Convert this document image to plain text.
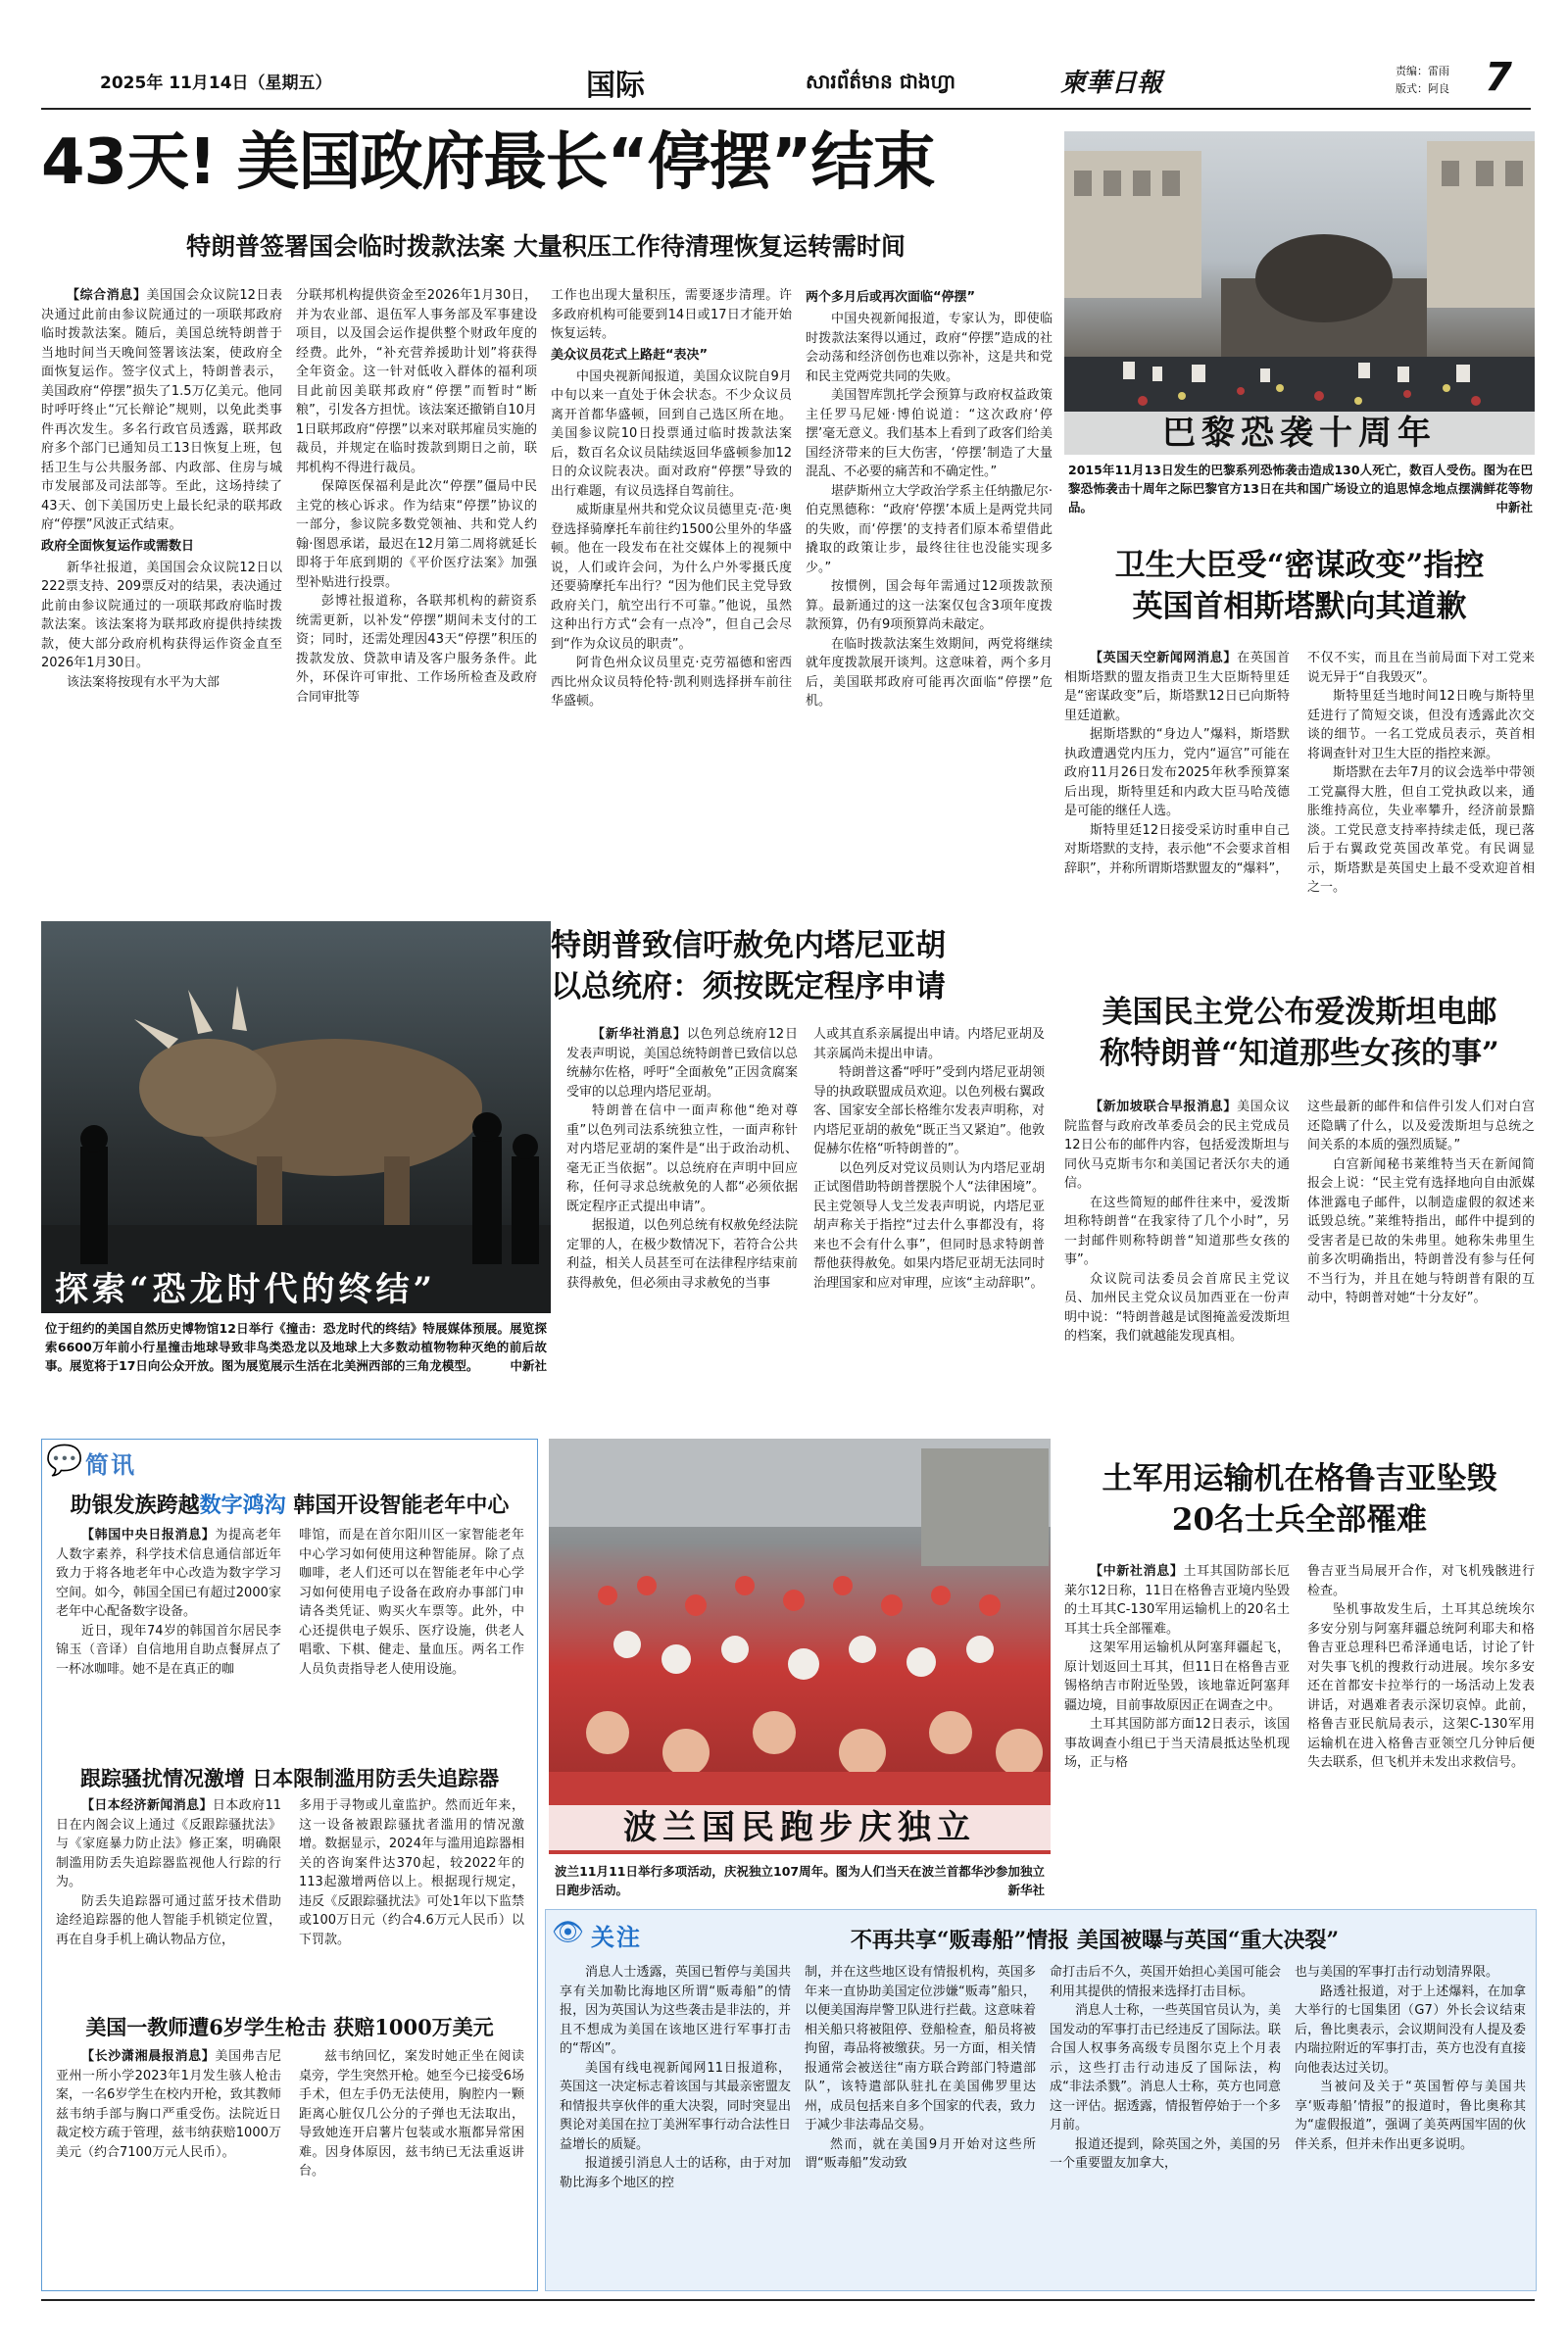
2025年 11月14日（星期五）	国际	សារព័ត៌មាន ជាងហ្វា	柬華日報	责编：雷雨
版式：阿良 7
43天! 美国政府最长“停摆”结束
特朗普签署国会临时拨款法案 大量积压工作待清理恢复运转需时间

【综合消息】美国国会众议院12日表决通过此前由参议院通过的一项联邦政府临时拨款法案。随后，美国总统特朗普于当地时间当天晚间签署该法案，使政府全面恢复运作。签字仪式上，特朗普表示，美国政府“停摆”损失了1.5万亿美元。他同时呼吁终止“冗长辩论”规则，以免此类事件再次发生。多名行政官员透露，联邦政府多个部门已通知员工13日恢复上班，包括卫生与公共服务部、内政部、住房与城市发展部及司法部等。至此，这场持续了43天、创下美国历史上最长纪录的联邦政府“停摆”风波正式结束。

政府全面恢复运作或需数日

新华社报道，美国国会众议院12日以222票支持、209票反对的结果，表决通过此前由参议院通过的一项联邦政府临时拨款法案。该法案将为联邦政府提供持续拨款，使大部分政府机构获得运作资金直至2026年1月30日。

该法案将按现有水平为大部

分联邦机构提供资金至2026年1月30日，并为农业部、退伍军人事务部及军事建设项目，以及国会运作提供整个财政年度的经费。此外，“补充营养援助计划”将获得全年资金。这一针对低收入群体的福利项目此前因美联邦政府“停摆”而暂时“断粮”，引发各方担忧。该法案还撤销自10月1日联邦政府“停摆”以来对联邦雇员实施的裁员，并规定在临时拨款到期日之前，联邦机构不得进行裁员。

保障医保福利是此次“停摆”僵局中民主党的核心诉求。作为结束“停摆”协议的一部分，参议院多数党领袖、共和党人约翰·图恩承诺，最迟在12月第二周将就延长即将于年底到期的《平价医疗法案》加强型补贴进行投票。

彭博社报道称，各联邦机构的薪资系统需更新，以补发“停摆”期间未支付的工资；同时，还需处理因43天“停摆”积压的拨款发放、贷款申请及客户服务条件。此外，环保许可审批、工作场所检查及政府合同审批等

工作也出现大量积压，需要逐步清理。许多政府机构可能要到14日或17日才能开始恢复运转。

美众议员花式上路赶“表决”

中国央视新闻报道，美国众议院自9月中旬以来一直处于休会状态。不少众议员离开首都华盛顿，回到自己选区所在地。美国参议院10日投票通过临时拨款法案后，数百名众议员陆续返回华盛顿参加12日的众议院表决。面对政府“停摆”导致的出行难题，有议员选择自驾前往。

威斯康星州共和党众议员德里克·范·奥登选择骑摩托车前往约1500公里外的华盛顿。他在一段发布在社交媒体上的视频中说，人们或许会问，为什么户外零摄氏度还要骑摩托车出行？“因为他们民主党导致政府关门，航空出行不可靠。”他说，虽然这种出行方式“会有一点冷”，但自己会尽到“作为众议员的职责”。

阿肯色州众议员里克·克劳福德和密西西比州众议员特伦特·凯利则选择拼车前往华盛顿。

两个多月后或再次面临“停摆”

中国央视新闻报道，专家认为，即使临时拨款法案得以通过，政府“停摆”造成的社会动荡和经济创伤也难以弥补，这是共和党和民主党两党共同的失败。

美国智库凯托学会预算与政府权益政策主任罗马尼娅·博伯说道：“这次政府‘停摆’毫无意义。我们基本上看到了政客们给美国经济带来的巨大伤害，‘停摆’制造了大量混乱、不必要的痛苦和不确定性。”

堪萨斯州立大学政治学系主任纳撒尼尔·伯克黑德称：“政府‘停摆’本质上是两党共同的失败，而‘停摆’的支持者们原本希望借此撬取的政策让步，最终往往也没能实现多少。”

按惯例，国会每年需通过12项拨款预算。最新通过的这一法案仅包含3项年度拨款预算，仍有9项预算尚未敲定。

在临时拨款法案生效期间，两党将继续就年度拨款展开谈判。这意味着，两个多月后，美国联邦政府可能再次面临“停摆”危机。

巴黎恐袭十周年
2015年11月13日发生的巴黎系列恐怖袭击造成130人死亡，数百人受伤。图为在巴黎恐怖袭击十周年之际巴黎官方13日在共和国广场设立的追思悼念地点摆满鲜花等物品。	中新社
卫生大臣受“密谋政变”指控
英国首相斯塔默向其道歉

【英国天空新闻网消息】在英国首相斯塔默的盟友指责卫生大臣斯特里廷是“密谋政变”后，斯塔默12日已向斯特里廷道歉。

据斯塔默的“身边人”爆料，斯塔默执政遭遇党内压力，党内“逼宫”可能在政府11月26日发布2025年秋季预算案后出现，斯特里廷和内政大臣马哈茂德是可能的继任人选。

斯特里廷12日接受采访时重申自己对斯塔默的支持，表示他“不会要求首相辞职”，并称所谓斯塔默盟友的“爆料”，

不仅不实，而且在当前局面下对工党来说无异于“自我毁灭”。

斯特里廷当地时间12日晚与斯特里廷进行了简短交谈，但没有透露此次交谈的细节。一名工党成员表示，英首相将调查针对卫生大臣的指控来源。

斯塔默在去年7月的议会选举中带领工党赢得大胜，但自工党执政以来，通胀维持高位，失业率攀升，经济前景黯淡。工党民意支持率持续走低，现已落后于右翼政党英国改革党。有民调显示，斯塔默是英国史上最不受欢迎首相之一。

美国民主党公布爱泼斯坦电邮
称特朗普“知道那些女孩的事”

【新加坡联合早报消息】美国众议院监督与政府改革委员会的民主党成员12日公布的邮件内容，包括爱泼斯坦与同伙马克斯韦尔和美国记者沃尔夫的通信。

在这些简短的邮件往来中，爱泼斯坦称特朗普“在我家待了几个小时”，另一封邮件则称特朗普“知道那些女孩的事”。

众议院司法委员会首席民主党议员、加州民主党众议员加西亚在一份声明中说：“特朗普越是试图掩盖爱泼斯坦的档案，我们就越能发现真相。

这些最新的邮件和信件引发人们对白宫还隐瞒了什么，以及爱泼斯坦与总统之间关系的本质的强烈质疑。”

白宫新闻秘书莱维特当天在新闻简报会上说：“民主党有选择地向自由派媒体泄露电子邮件，以制造虚假的叙述来诋毁总统。”莱维特指出，邮件中提到的受害者是已故的朱弗里。她称朱弗里生前多次明确指出，特朗普没有参与任何不当行为，并且在她与特朗普有限的互动中，特朗普对她“十分友好”。

探索“恐龙时代的终结”
位于纽约的美国自然历史博物馆12日举行《撞击：恐龙时代的终结》特展媒体预展。展览探索6600万年前小行星撞击地球导致非鸟类恐龙以及地球上大多数动植物物种灭绝的前后故事。展览将于17日向公众开放。图为展览展示生活在北美洲西部的三角龙模型。	中新社
特朗普致信吁赦免内塔尼亚胡
以总统府：须按既定程序申请

【新华社消息】以色列总统府12日发表声明说，美国总统特朗普已致信以总统赫尔佐格，呼吁“全面赦免”正因贪腐案受审的以总理内塔尼亚胡。

特朗普在信中一面声称他“绝对尊重”以色列司法系统独立性，一面声称针对内塔尼亚胡的案件是“出于政治动机、毫无正当依据”。以总统府在声明中回应称，任何寻求总统赦免的人都“必须依据既定程序正式提出申请”。

据报道，以色列总统有权赦免经法院定罪的人，在极少数情况下，若符合公共利益，相关人员甚至可在法律程序结束前获得赦免，但必须由寻求赦免的当事

人或其直系亲属提出申请。内塔尼亚胡及其亲属尚未提出申请。

特朗普这番“呼吁”受到内塔尼亚胡领导的执政联盟成员欢迎。以色列极右翼政客、国家安全部长格维尔发表声明称，对内塔尼亚胡的赦免“既正当又紧迫”。他敦促赫尔佐格“听特朗普的”。

以色列反对党议员则认为内塔尼亚胡正试图借助特朗普摆脱个人“法律困境”。民主党领导人戈兰发表声明说，内塔尼亚胡声称关于指控“过去什么事都没有，将来也不会有什么事”，但同时恳求特朗普帮他获得赦免。如果内塔尼亚胡无法同时治理国家和应对审理，应该“主动辞职”。

💬 简讯
助银发族跨越数字鸿沟 韩国开设智能老年中心

【韩国中央日报消息】为提高老年人数字素养，科学技术信息通信部近年致力于将各地老年中心改造为数字学习空间。如今，韩国全国已有超过2000家老年中心配备数字设备。

近日，现年74岁的韩国首尔居民李锦玉（音译）自信地用自助点餐屏点了一杯冰咖啡。她不是在真正的咖

啡馆，而是在首尔阳川区一家智能老年中心学习如何使用这种智能屏。除了点咖啡，老人们还可以在智能老年中心学习如何使用电子设备在政府办事部门申请各类凭证、购买火车票等。此外，中心还提供电子娱乐、医疗设施，供老人唱歌、下棋、健走、量血压。两名工作人员负责指导老人使用设施。

跟踪骚扰情况激增 日本限制滥用防丢失追踪器

【日本经济新闻消息】日本政府11日在内阁会议上通过《反跟踪骚扰法》与《家庭暴力防止法》修正案，明确限制滥用防丢失追踪器监视他人行踪的行为。

防丢失追踪器可通过蓝牙技术借助途经追踪器的他人智能手机锁定位置，再在自身手机上确认物品方位，

多用于寻物或儿童监护。然而近年来，这一设备被跟踪骚扰者滥用的情况激增。数据显示，2024年与滥用追踪器相关的咨询案件达370起，较2022年的113起激增两倍以上。根据现行规定，违反《反跟踪骚扰法》可处1年以下监禁或100万日元（约合4.6万元人民币）以下罚款。

美国一教师遭6岁学生枪击 获赔1000万美元

【长沙潇湘晨报消息】美国弗吉尼亚州一所小学2023年1月发生骇人枪击案，一名6岁学生在校内开枪，致其教师兹韦纳手部与胸口严重受伤。法院近日裁定校方疏于管理，兹韦纳获赔1000万美元（约合7100万元人民币）。

兹韦纳回忆，案发时她正坐在阅读桌旁，学生突然开枪。她至今已接受6场手术，但左手仍无法使用，胸腔内一颗距离心脏仅几公分的子弹也无法取出，导致她连开启薯片包装或水瓶都异常困难。因身体原因，兹韦纳已无法重返讲台。

波兰国民跑步庆独立
波兰11月11日举行多项活动，庆祝独立107周年。图为人们当天在波兰首都华沙参加独立日跑步活动。	新华社
土军用运输机在格鲁吉亚坠毁
20名士兵全部罹难

【中新社消息】土耳其国防部长厄莱尔12日称，11日在格鲁吉亚境内坠毁的土耳其C-130军用运输机上的20名土耳其士兵全部罹难。

这架军用运输机从阿塞拜疆起飞，原计划返回土耳其，但11日在格鲁吉亚锡格纳吉市附近坠毁，该地靠近阿塞拜疆边境，目前事故原因正在调查之中。

土耳其国防部方面12日表示，该国事故调查小组已于当天清晨抵达坠机现场，正与格

鲁吉亚当局展开合作，对飞机残骸进行检查。

坠机事故发生后，土耳其总统埃尔多安分别与阿塞拜疆总统阿利耶夫和格鲁吉亚总理科巴希泽通电话，讨论了针对失事飞机的搜救行动进展。埃尔多安还在首都安卡拉举行的一场活动上发表讲话，对遇难者表示深切哀悼。此前，格鲁吉亚民航局表示，这架C-130军用运输机在进入格鲁吉亚领空几分钟后便失去联系，但飞机并未发出求救信号。

👁 关注	不再共享“贩毒船”情报 美国被曝与英国“重大决裂”

消息人士透露，英国已暂停与美国共享有关加勒比海地区所谓“贩毒船”的情报，因为英国认为这些袭击是非法的，并且不想成为美国在该地区进行军事打击的“帮凶”。

美国有线电视新闻网11日报道称，英国这一决定标志着该国与其最亲密盟友和情报共享伙伴的重大决裂，同时突显出舆论对美国在拉丁美洲军事行动合法性日益增长的质疑。

报道援引消息人士的话称，由于对加勒比海多个地区的控

制，并在这些地区设有情报机构，英国多年来一直协助美国定位涉嫌“贩毒”船只，以便美国海岸警卫队进行拦截。这意味着相关船只将被阻停、登船检查，船员将被拘留，毒品将被缴获。另一方面，相关情报通常会被送往“南方联合跨部门特遣部队”，该特遣部队驻扎在美国佛罗里达州，成员包括来自多个国家的代表，致力于减少非法毒品交易。

然而，就在美国9月开始对这些所谓“贩毒船”发动致

命打击后不久，英国开始担心美国可能会利用其提供的情报来选择打击目标。

消息人士称，一些英国官员认为，美国发动的军事打击已经违反了国际法。联合国人权事务高级专员图尔克上个月表示，这些打击行动违反了国际法，构成“非法杀戮”。消息人士称，英方也同意这一评估。据透露，情报暂停始于一个多月前。

报道还提到，除英国之外，美国的另一个重要盟友加拿大，

也与美国的军事打击行动划清界限。

路透社报道，对于上述爆料，在加拿大举行的七国集团（G7）外长会议结束后，鲁比奥表示，会议期间没有人提及委内瑞拉附近的军事打击，英方也没有直接向他表达过关切。

当被问及关于“英国暂停与美国共享‘贩毒船’情报”的报道时，鲁比奥称其为“虚假报道”，强调了美英两国牢固的伙伴关系，但并未作出更多说明。
